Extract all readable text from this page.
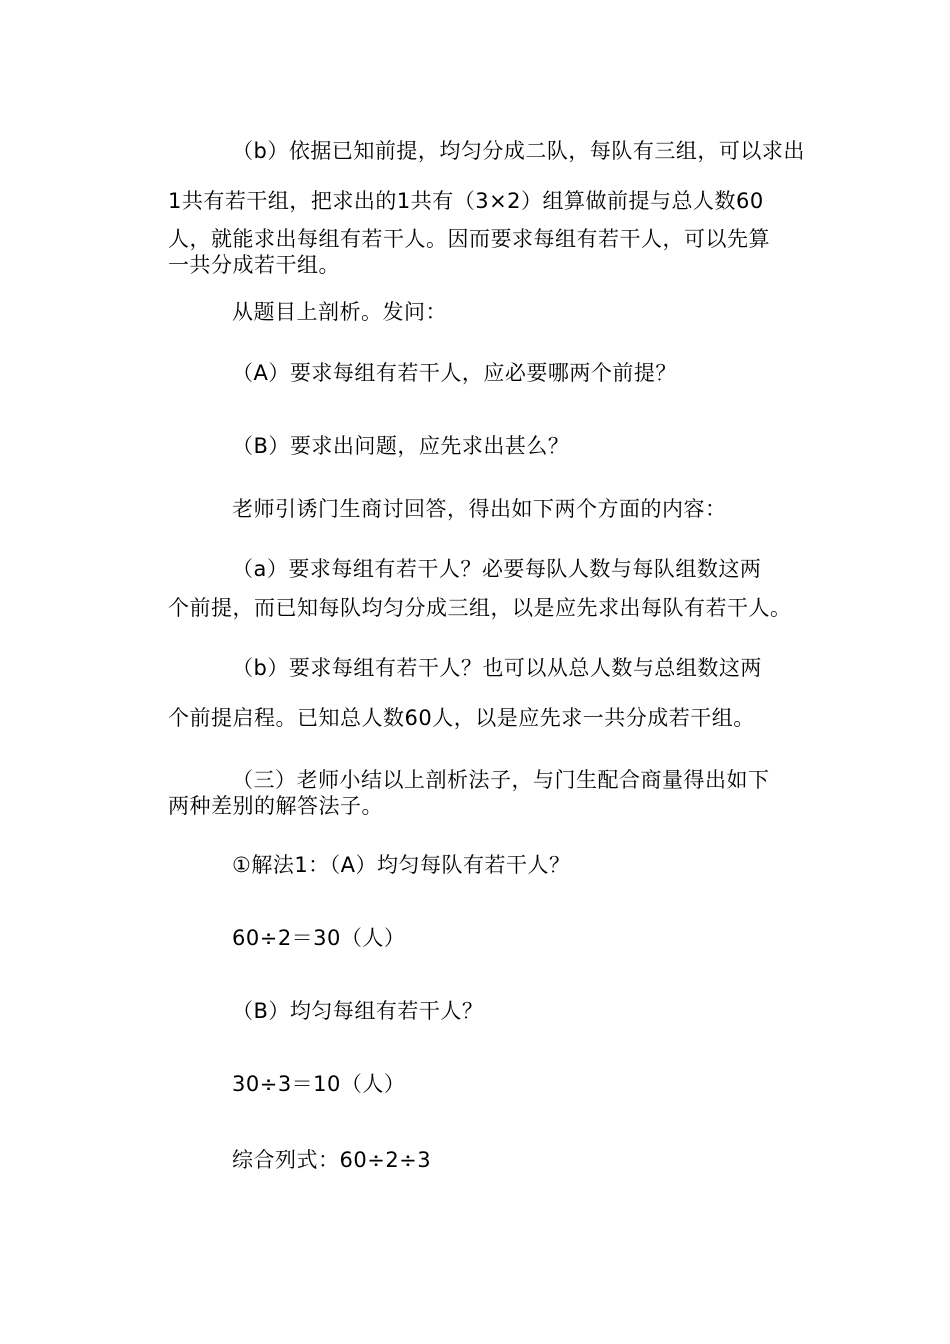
（b）依据已知前提，均匀分成二队，每队有三组，可以求出
1共有若干组，把求出的1共有（3×2）组算做前提与总人数60
人，就能求出每组有若干人。因而要求每组有若干人，可以先算
一共分成若干组。
从题目上剖析。发问：
（A）要求每组有若干人，应必要哪两个前提？
（B）要求出问题，应先求出甚么？
老师引诱门生商讨回答，得出如下两个方面的内容：
（a）要求每组有若干人？必要每队人数与每队组数这两
个前提，而已知每队均匀分成三组，以是应先求出每队有若干人。
（b）要求每组有若干人？也可以从总人数与总组数这两
个前提启程。已知总人数60人，以是应先求一共分成若干组。
（三）老师小结以上剖析法子，与门生配合商量得出如下
两种差别的解答法子。
①解法1：（A）均匀每队有若干人？
60÷2＝30（人）
（B）均匀每组有若干人？
30÷3＝10（人）
综合列式：60÷2÷3
